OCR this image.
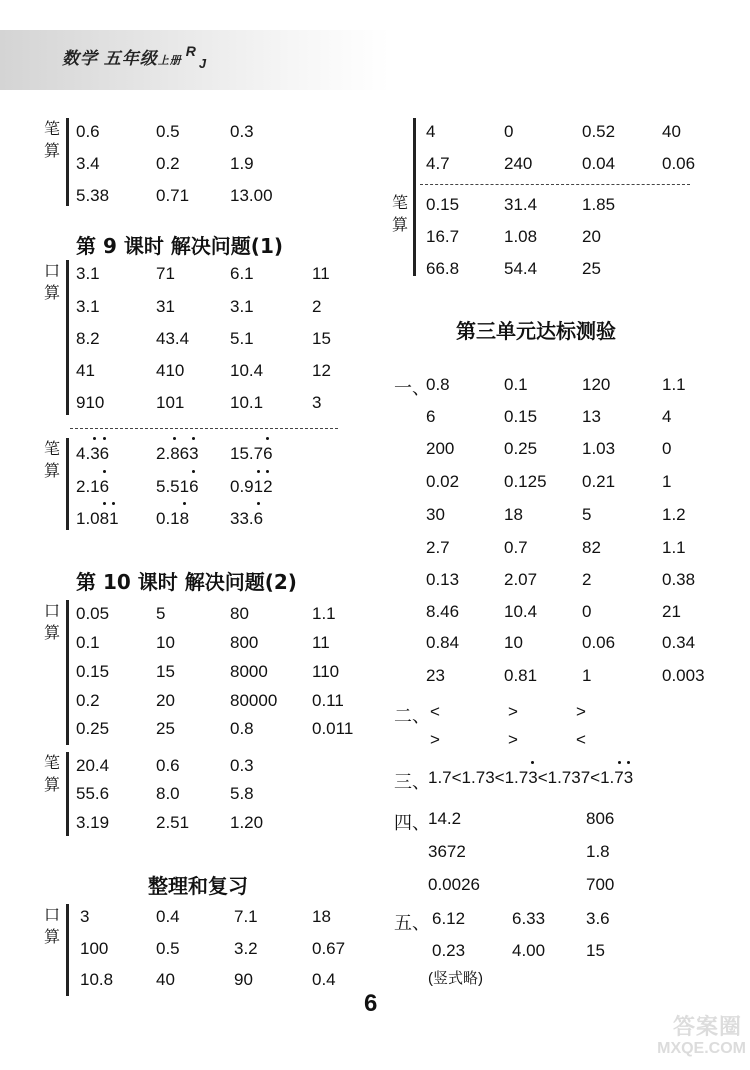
数学 五年级上册$^R_J$
笔
算
0.6	0.5	0.3
3.4	0.2	1.9
5.38	0.71 13.00
第 9 课时 解决问题(1)
口
算
3.1	71	6.1	11
3.1	31	3.1	2
8.2	43.4 5.1	15
41	410	10.4	12
910	101	10.1	3
笔
算
4.36	2.863 15.76
2.16	5.516 0.912
1.081 0.18 33.6
第 10 课时 解决问题(2)
口
算
0.05	5	80	1.1
0.1	10	800	11
0.15	15	8000	110
0.2	20	80000 0.11
0.25	25	0.8	0.011
笔
算
20.4	0.6	0.3
55.6	8.0	5.8
3.19	2.51 1.20
整理和复习
口
算
3	0.4	7.1	18
100	0.5	3.2	0.67
10.8	40	90	0.4
4	0	0.52	40
4.7	240	0.04	0.06
笔
算
0.15	31.4	1.85
16.7	1.08	20
66.8	54.4	25
第三单元达标测验
一、
0.8	0.1	120	1.1
6	0.15	13	4
200	0.25	1.03	0
0.02	0.125 0.21	1
30	18	5	1.2
2.7	0.7	82	1.1
0.13	2.07	2	0.38
8.46	10.4	0	21
0.84	10	0.06	0.34
23	0.81	1	0.003
二、 <	>	>
>	>	<
三、
1.7<1.73<1.73<1.737<1.73
四、
14.2	806
3672	1.8
0.0026	700
五、 6.12	6.33 3.6
0.23	4.00 15
(竖式略)
6
答案圈
MXQE.COM
